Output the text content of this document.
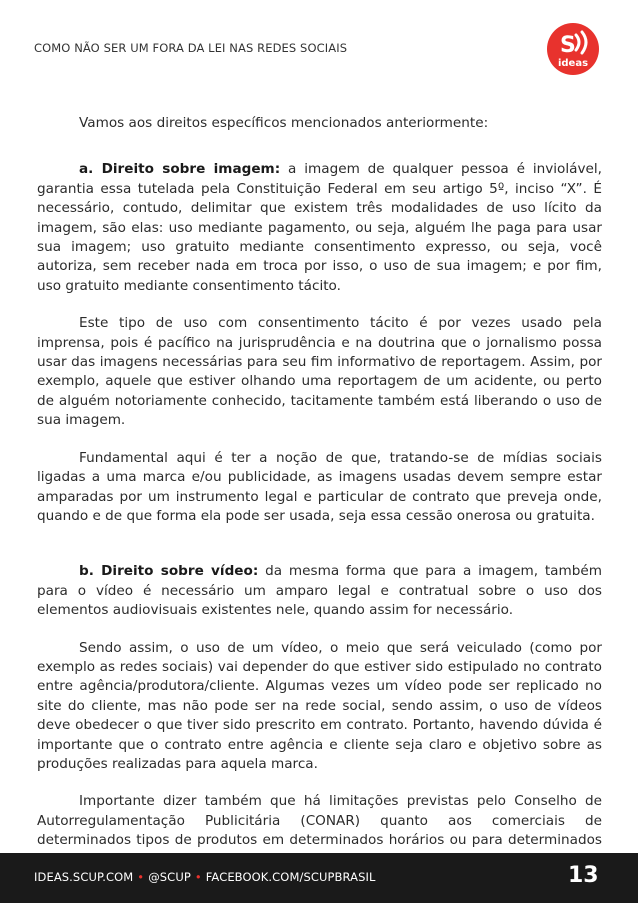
COMO NÃO SER UM FORA DA LEI NAS REDES SOCIAIS	S
ideas

Vamos aos direitos específicos mencionados anteriormente:

a. Direito sobre imagem: a imagem de qualquer pessoa é inviolável, garantia essa tutelada pela Constituição Federal em seu artigo 5º, inciso “X”. É necessário, contudo, delimitar que existem três modalidades de uso lícito da imagem, são elas: uso mediante pagamento, ou seja, alguém lhe paga para usar sua imagem; uso gratuito mediante consentimento expresso, ou seja, você autoriza, sem receber nada em troca por isso, o uso de sua imagem; e por fim, uso gratuito mediante consentimento tácito.

Este tipo de uso com consentimento tácito é por vezes usado pela imprensa, pois é pacífico na jurisprudência e na doutrina que o jornalismo possa usar das imagens necessárias para seu fim informativo de reportagem. Assim, por exemplo, aquele que estiver olhando uma reportagem de um acidente, ou perto de alguém notoriamente conhecido, tacitamente também está liberando o uso de sua imagem.

Fundamental aqui é ter a noção de que, tratando-se de mídias sociais ligadas a uma marca e/ou publicidade, as imagens usadas devem sempre estar amparadas por um instrumento legal e particular de contrato que preveja onde, quando e de que forma ela pode ser usada, seja essa cessão onerosa ou gratuita.

b. Direito sobre vídeo: da mesma forma que para a imagem, também para o vídeo é necessário um amparo legal e contratual sobre o uso dos elementos audiovisuais existentes nele, quando assim for necessário.

Sendo assim, o uso de um vídeo, o meio que será veiculado (como por exemplo as redes sociais) vai depender do que estiver sido estipulado no contrato entre agência/produtora/cliente. Algumas vezes um vídeo pode ser replicado no site do cliente, mas não pode ser na rede social, sendo assim, o uso de vídeos deve obedecer o que tiver sido prescrito em contrato. Portanto, havendo dúvida é importante que o contrato entre agência e cliente seja claro e objetivo sobre as produções realizadas para aquela marca.

Importante dizer também que há limitações previstas pelo Conselho de Autorregulamentação Publicitária (CONAR) quanto aos comerciais de determinados tipos de produtos em determinados horários ou para determinados

IDEAS.SCUP.COM • @SCUP • FACEBOOK.COM/SCUPBRASIL	13
